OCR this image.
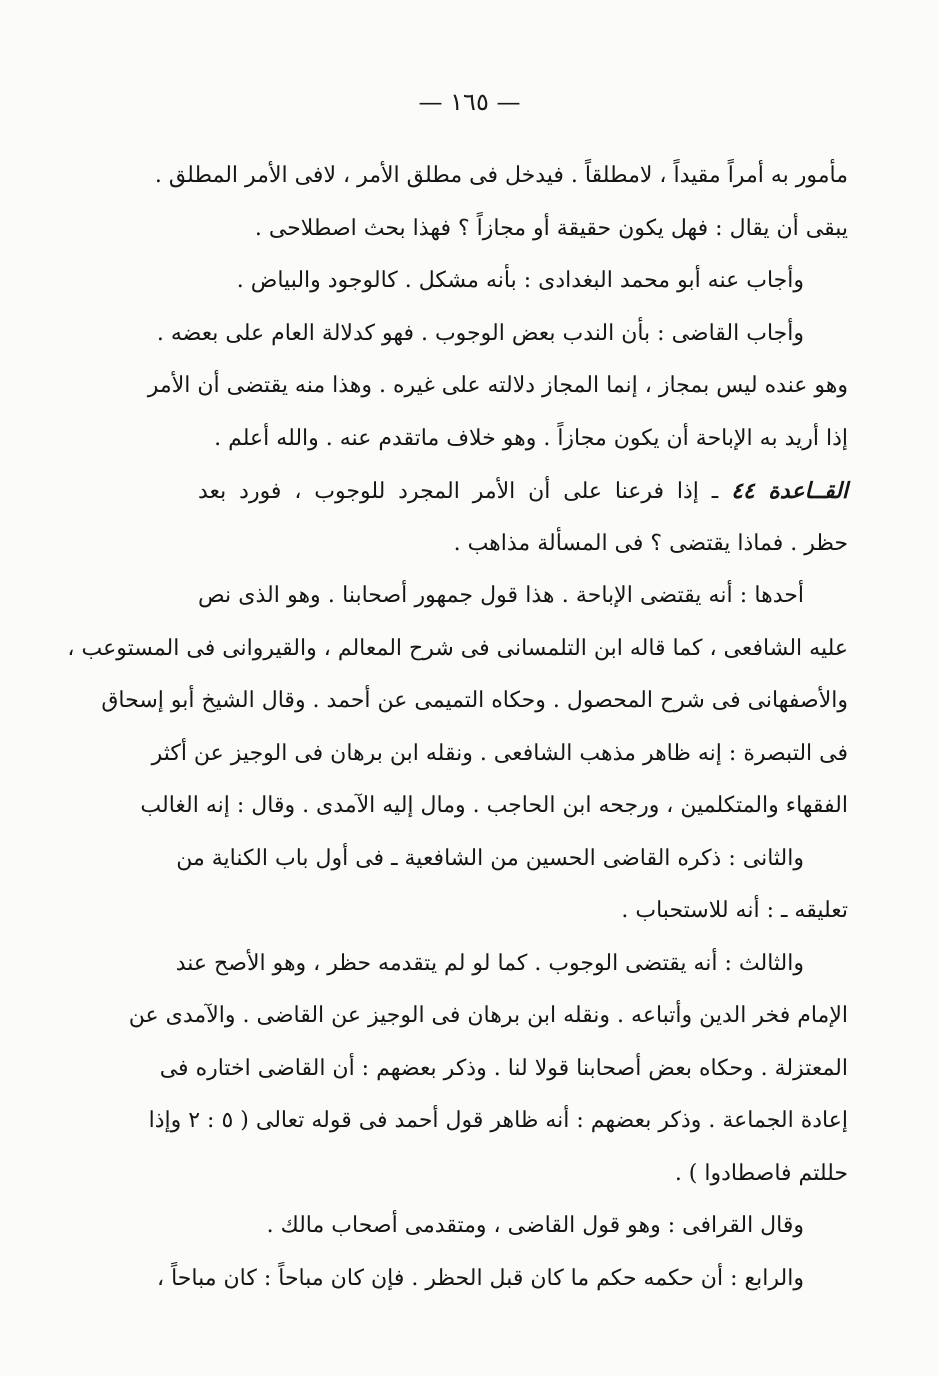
— ١٦٥ —
مأمور به أمراً مقيداً ، لامطلقاً . فيدخل فى مطلق الأمر ، لافى الأمر المطلق .
يبقى أن يقال : فهل يكون حقيقة أو مجازاً ؟ فهذا بحث اصطلاحى .
وأجاب عنه أبو محمد البغدادى : بأنه مشكل . كالوجود والبياض .
وأجاب القاضى : بأن الندب بعض الوجوب . فهو كدلالة العام على بعضه .
وهو عنده ليس بمجاز ، إنما المجاز دلالته على غيره . وهذا منه يقتضى أن الأمر
إذا أريد به الإباحة أن يكون مجازاً . وهو خلاف ماتقدم عنه . والله أعلم .
القــاعدة ٤٤ ـ إذا فرعنا على أن الأمر المجرد للوجوب ، فورد بعد
حظر . فماذا يقتضى ؟ فى المسألة مذاهب .
أحدها : أنه يقتضى الإباحة . هذا قول جمهور أصحابنا . وهو الذى نص
عليه الشافعى ، كما قاله ابن التلمسانى فى شرح المعالم ، والقيروانى فى المستوعب ،
والأصفهانى فى شرح المحصول . وحكاه التميمى عن أحمد . وقال الشيخ أبو إسحاق
فى التبصرة : إنه ظاهر مذهب الشافعى . ونقله ابن برهان فى الوجيز عن أكثر
الفقهاء والمتكلمين ، ورجحه ابن الحاجب . ومال إليه الآمدى . وقال : إنه الغالب
والثانى : ذكره القاضى الحسين من الشافعية ـ فى أول باب الكناية من
تعليقه ـ : أنه للاستحباب .
والثالث : أنه يقتضى الوجوب . كما لو لم يتقدمه حظر ، وهو الأصح عند
الإمام فخر الدين وأتباعه . ونقله ابن برهان فى الوجيز عن القاضى . والآمدى عن
المعتزلة . وحكاه بعض أصحابنا قولا لنا . وذكر بعضهم : أن القاضى اختاره فى
إعادة الجماعة . وذكر بعضهم : أنه ظاهر قول أحمد فى قوله تعالى ( ٥ : ٢ وإذا
حللتم فاصطادوا ) .
وقال القرافى : وهو قول القاضى ، ومتقدمى أصحاب مالك .
والرابع : أن حكمه حكم ما كان قبل الحظر . فإن كان مباحاً : كان مباحاً ،
